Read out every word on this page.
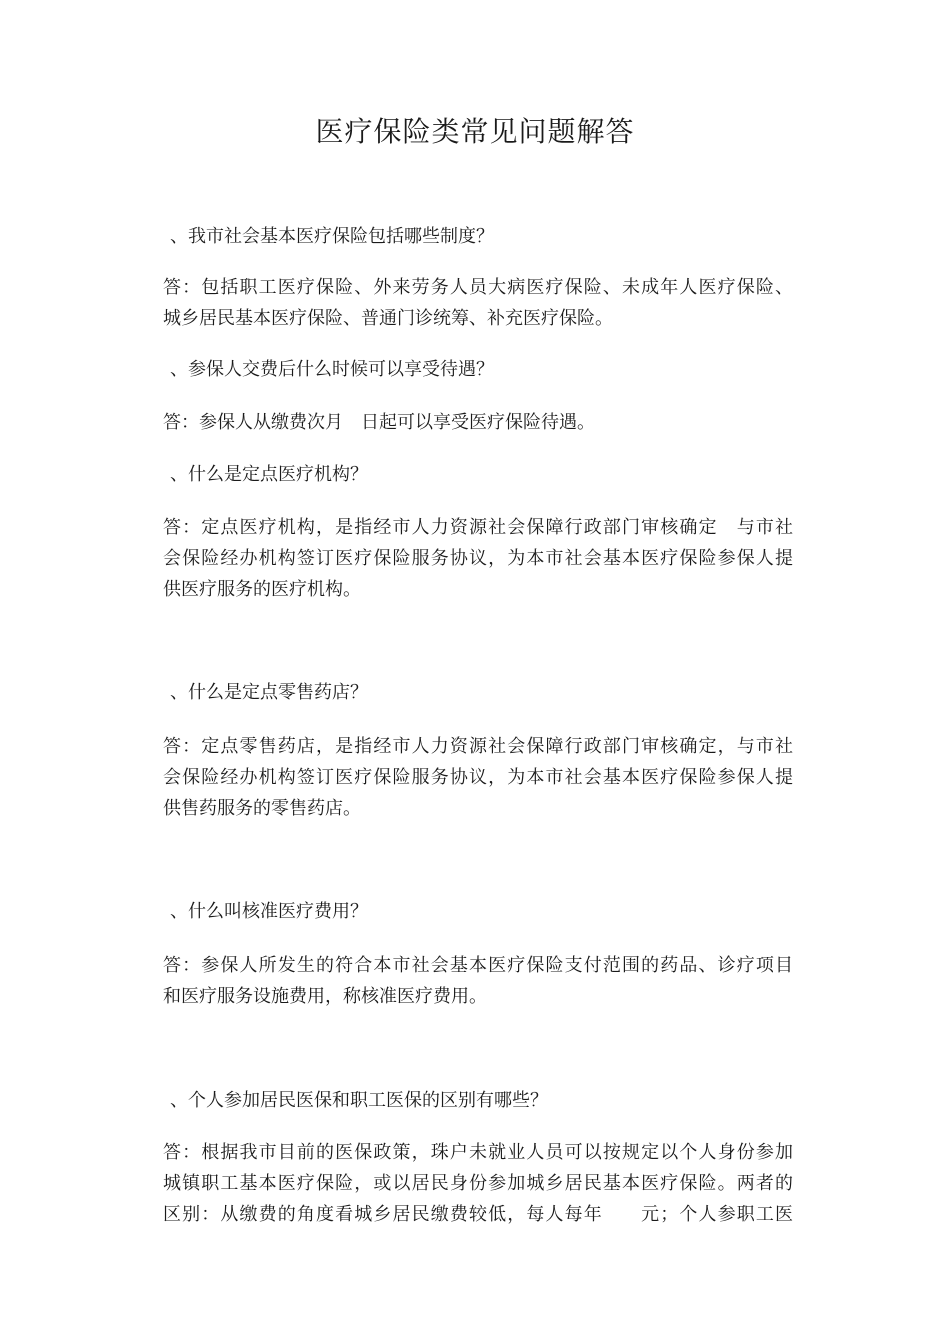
医疗保险类常见问题解答

、我市社会基本医疗保险包括哪些制度？

答：包括职工医疗保险、外来劳务人员大病医疗保险、未成年人医疗保险、

城乡居民基本医疗保险、普通门诊统筹、补充医疗保险。

、参保人交费后什么时候可以享受待遇？

答：参保人从缴费次月　日起可以享受医疗保险待遇。

、什么是定点医疗机构？

答：定点医疗机构，是指经市人力资源社会保障行政部门审核确定　与市社

会保险经办机构签订医疗保险服务协议，为本市社会基本医疗保险参保人提

供医疗服务的医疗机构。

、什么是定点零售药店？

答：定点零售药店，是指经市人力资源社会保障行政部门审核确定，与市社

会保险经办机构签订医疗保险服务协议，为本市社会基本医疗保险参保人提

供售药服务的零售药店。

、什么叫核准医疗费用？

答：参保人所发生的符合本市社会基本医疗保险支付范围的药品、诊疗项目

和医疗服务设施费用，称核准医疗费用。

、个人参加居民医保和职工医保的区别有哪些？

答：根据我市目前的医保政策，珠户未就业人员可以按规定以个人身份参加

城镇职工基本医疗保险，或以居民身份参加城乡居民基本医疗保险。两者的

区别：从缴费的角度看城乡居民缴费较低，每人每年　　元；个人参职工医
